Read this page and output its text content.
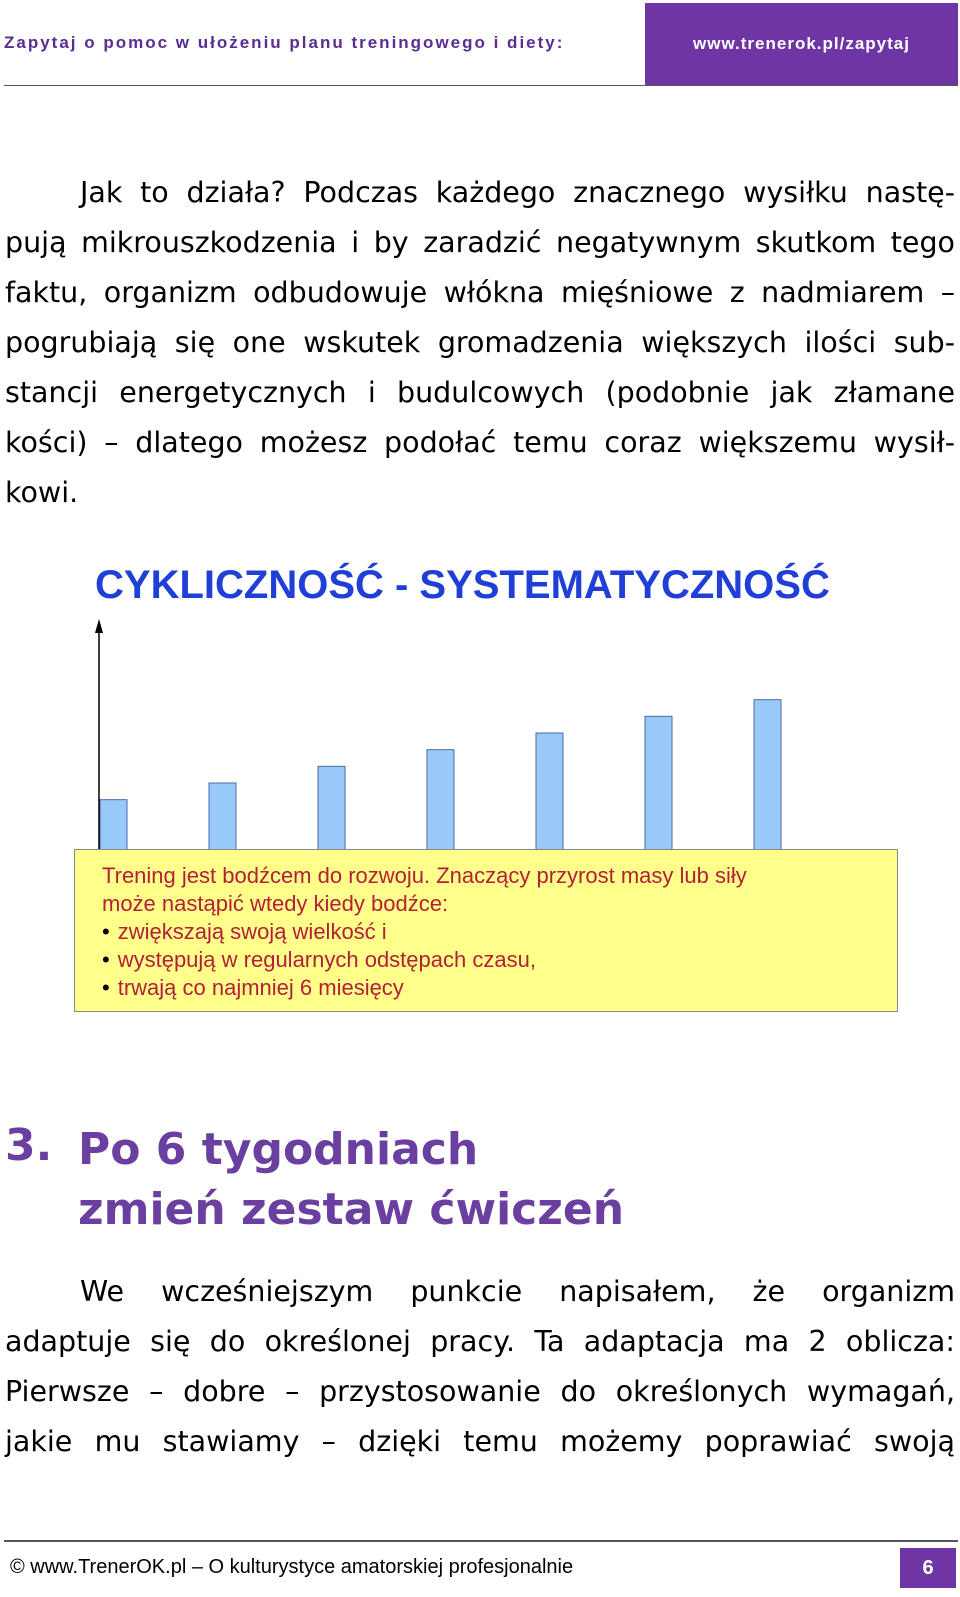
Zapytaj o pomoc w ułożeniu planu treningowego i diety:	www.trenerok.pl/zapytaj
Jak to działa? Podczas każdego znacznego wysiłku nastę-
pują mikrouszkodzenia i by zaradzić negatywnym skutkom tego
faktu, organizm odbudowuje włókna mięśniowe z nadmiarem –
pogrubiają się one wskutek gromadzenia większych ilości sub-
stancji energetycznych i budulcowych (podobnie jak złamane
kości) – dlatego możesz podołać temu coraz większemu wysił-
kowi.
CYKLICZNOŚĆ - SYSTEMATYCZNOŚĆ
Trening jest bodźcem do rozwoju. Znaczący przyrost masy lub siły
może nastąpić wtedy kiedy bodźce:
• zwiększają swoją wielkość i
• występują w regularnych odstępach czasu,
• trwają co najmniej 6 miesięcy
3. Po 6 tygodniach
zmień zestaw ćwiczeń
We wcześniejszym punkcie napisałem, że organizm
adaptuje się do określonej pracy. Ta adaptacja ma 2 oblicza:
Pierwsze – dobre – przystosowanie do określonych wymagań,
jakie mu stawiamy – dzięki temu możemy poprawiać swoją
© www.TrenerOK.pl – O kulturystyce amatorskiej profesjonalnie	6
